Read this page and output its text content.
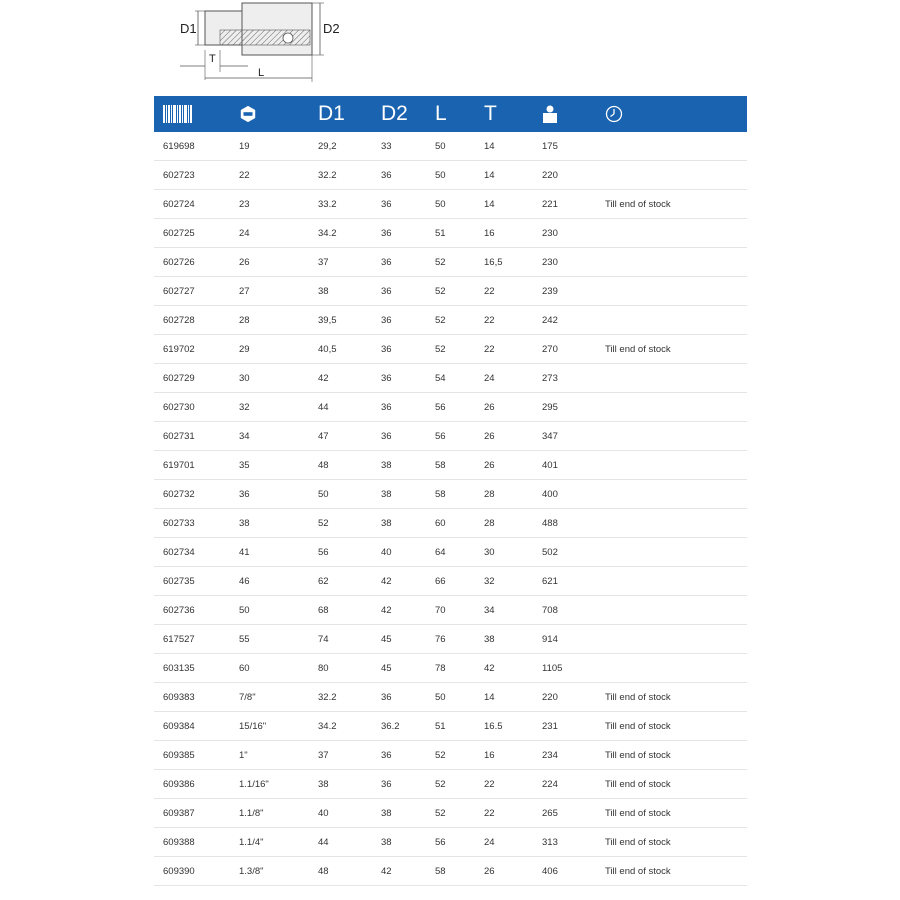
D1	D2
T
L
		D1	D2	L	T		
619698	19	29,2	33	50	14	175	
602723	22	32.2	36	50	14	220	
602724	23	33.2	36	50	14	221	Till end of stock
602725	24	34.2	36	51	16	230	
602726	26	37	36	52	16,5	230	
602727	27	38	36	52	22	239	
602728	28	39,5	36	52	22	242	
619702	29	40,5	36	52	22	270	Till end of stock
602729	30	42	36	54	24	273	
602730	32	44	36	56	26	295	
602731	34	47	36	56	26	347	
619701	35	48	38	58	26	401	
602732	36	50	38	58	28	400	
602733	38	52	38	60	28	488	
602734	41	56	40	64	30	502	
602735	46	62	42	66	32	621	
602736	50	68	42	70	34	708	
617527	55	74	45	76	38	914	
603135	60	80	45	78	42	1105	
609383	7/8"	32.2	36	50	14	220	Till end of stock
609384	15/16"	34.2	36.2	51	16.5	231	Till end of stock
609385	1"	37	36	52	16	234	Till end of stock
609386	1.1/16"	38	36	52	22	224	Till end of stock
609387	1.1/8"	40	38	52	22	265	Till end of stock
609388	1.1/4"	44	38	56	24	313	Till end of stock
609390	1.3/8"	48	42	58	26	406	Till end of stock
